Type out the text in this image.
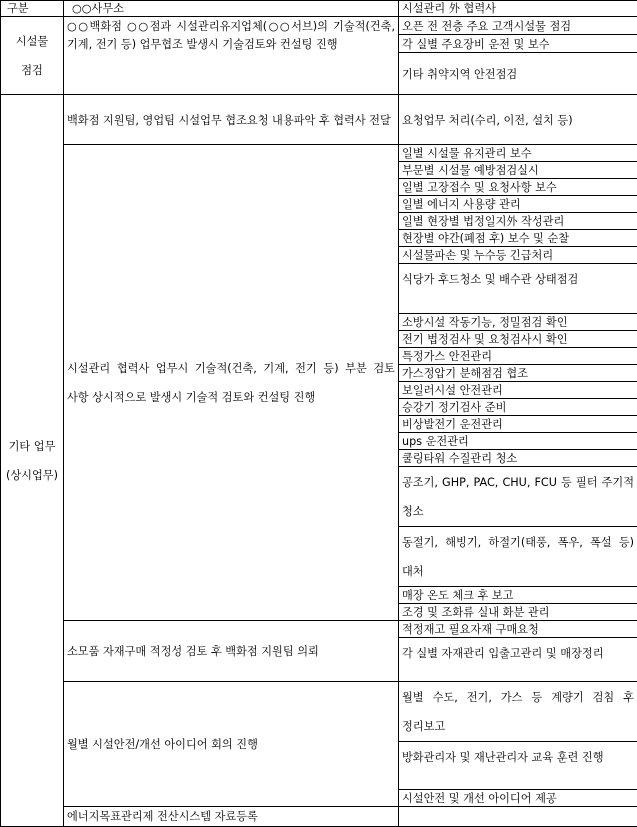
구분	○○사무소	시설관리 外 협력사
시설물 점검	○○백화점 ○○점과 시설관리유지업체(○○서브)의 기술적(건축, 기계, 전기 등) 업무협조 발생시 기술검토와 컨설팅 진행	오픈 전 전층 주요 고객시설물 점검
		각 실별 주요장비 운전 및 보수
		기타 취약지역 안전점검
기타 업무(상시업무)	백화점 지원팀, 영업팀 시설업무 협조요청 내용파악 후 협력사 전달	요청업무 처리(수리, 이전, 설치 등)
	시설관리 협력사 업무시 기술적(건축, 기계, 전기 등) 부분 검토 사항 상시적으로 발생시 기술적 검토와 컨설팅 진행	일별 시설물 유지관리 보수
		부문별 시설물 예방점검실시
		일별 고장접수 및 요청사항 보수
		일별 에너지 사용량 관리
		일별 현장별 법정일지外 작성관리
		현장별 야간(폐점 후) 보수 및 순찰
		시설물파손 및 누수등 긴급처리
		식당가 후드청소 및 배수관 상태점검
		소방시설 작동기능, 정밀점검 확인
		전기 법정검사 및 요청검사시 확인
		특정가스 안전관리
		가스정압기 분해점검 협조
		보일러시설 안전관리
		승강기 정기검사 준비
		비상발전기 운전관리
		ups 운전관리
		쿨링타워 수질관리 청소
		공조기, GHP, PAC, CHU, FCU 등 필터 주기적 청소
		동절기, 해빙기, 하절기(태풍, 폭우, 폭설 등) 대처
		매장 온도 체크 후 보고
		조경 및 조화류 실내 화분 관리
	소모품 자재구매 적정성 검토 후 백화점 지원팀 의뢰	적정재고 필요자재 구매요청
		각 실별 자재관리 입출고관리 및 매장정리
	월별 시설안전/개선 아이디어 회의 진행	월별 수도, 전기, 가스 등 계량기 검침 후 정리보고
		방화관리자 및 재난관리자 교육 훈련 진행
		시설안전 및 개선 아이디어 제공
	에너지목표관리제 전산시스템 자료등록	
